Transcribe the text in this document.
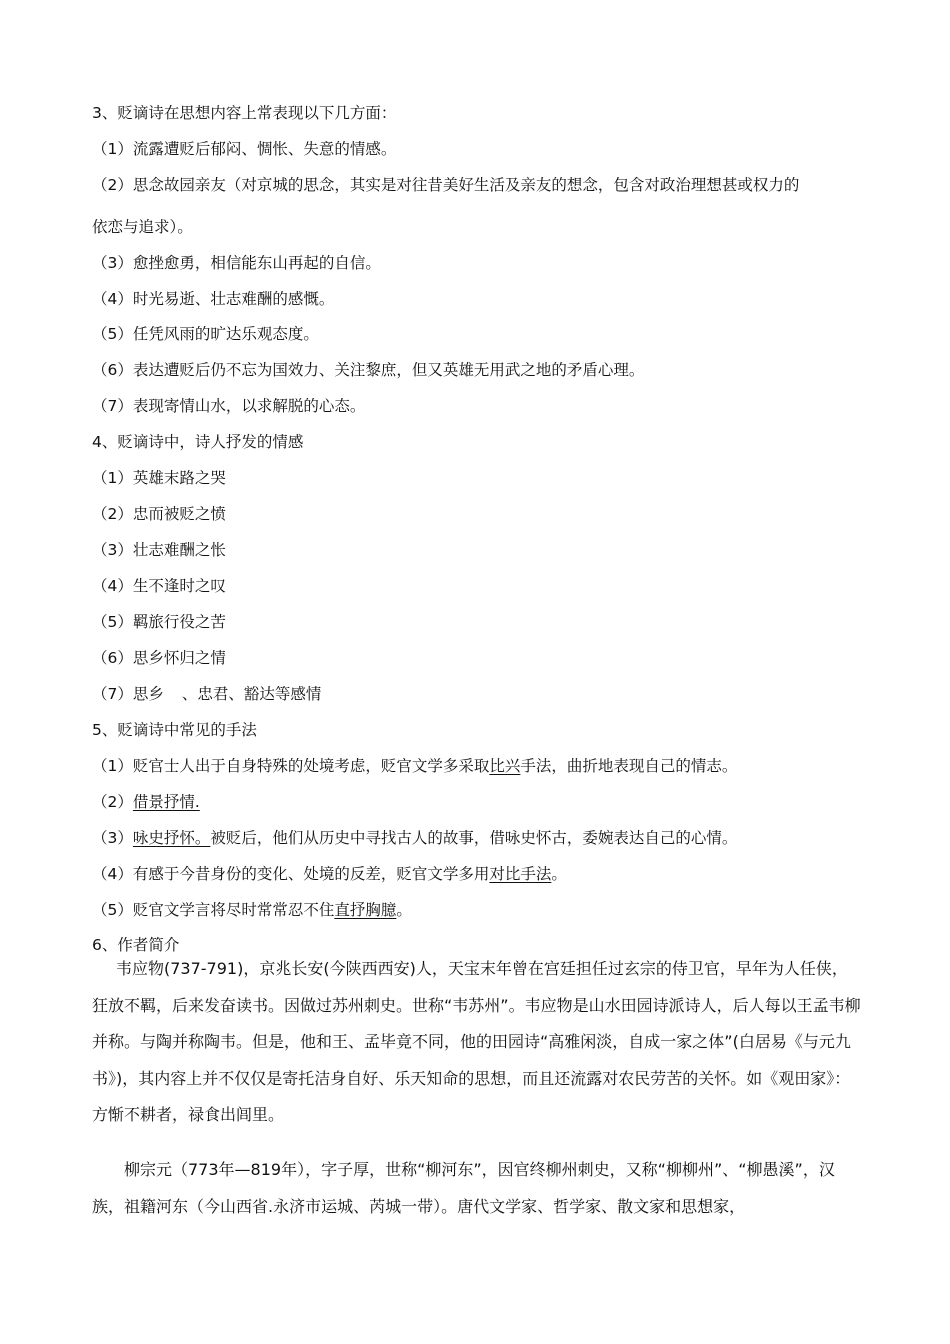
3、贬谪诗在思想内容上常表现以下几方面：
（1）流露遭贬后郁闷、惆怅、失意的情感。
（2）思念故园亲友（对京城的思念，其实是对往昔美好生活及亲友的想念，包含对政治理想甚或权力的
依恋与追求）。
（3）愈挫愈勇，相信能东山再起的自信。
（4）时光易逝、壮志难酬的感慨。
（5）任凭风雨的旷达乐观态度。
（6）表达遭贬后仍不忘为国效力、关注黎庶，但又英雄无用武之地的矛盾心理。
（7）表现寄情山水，以求解脱的心态。
4、贬谪诗中，诗人抒发的情感
（1）英雄末路之哭
（2）忠而被贬之愤
（3）壮志难酬之怅
（4）生不逢时之叹
（5）羁旅行役之苦
（6）思乡怀归之情
（7）思乡 、忠君、豁达等感情
5、贬谪诗中常见的手法
（1）贬官士人出于自身特殊的处境考虑，贬官文学多采取比兴手法，曲折地表现自己的情志。
（2）借景抒情.
（3）咏史抒怀。被贬后，他们从历史中寻找古人的故事，借咏史怀古，委婉表达自己的心情。
（4）有感于今昔身份的变化、处境的反差，贬官文学多用对比手法。
（5）贬官文学言将尽时常常忍不住直抒胸臆。
6、作者简介
韦应物(737-791)，京兆长安(今陕西西安)人，天宝末年曾在宫廷担任过玄宗的侍卫官，早年为人任侠，狂放不羁，后来发奋读书。因做过苏州刺史。世称“韦苏州”。韦应物是山水田园诗派诗人，后人每以王孟韦柳并称。与陶并称陶韦。但是，他和王、孟毕竟不同，他的田园诗“高雅闲淡，自成一家之体”(白居易《与元九书》)，其内容上并不仅仅是寄托洁身自好、乐天知命的思想，而且还流露对农民劳苦的关怀。如《观田家》：方惭不耕者，禄食出闾里。
柳宗元（773年—819年），字子厚，世称“柳河东”，因官终柳州刺史，又称“柳柳州”、“柳愚溪”，汉族，祖籍河东（今山西省.永济市运城、芮城一带）。唐代文学家、哲学家、散文家和思想家，
